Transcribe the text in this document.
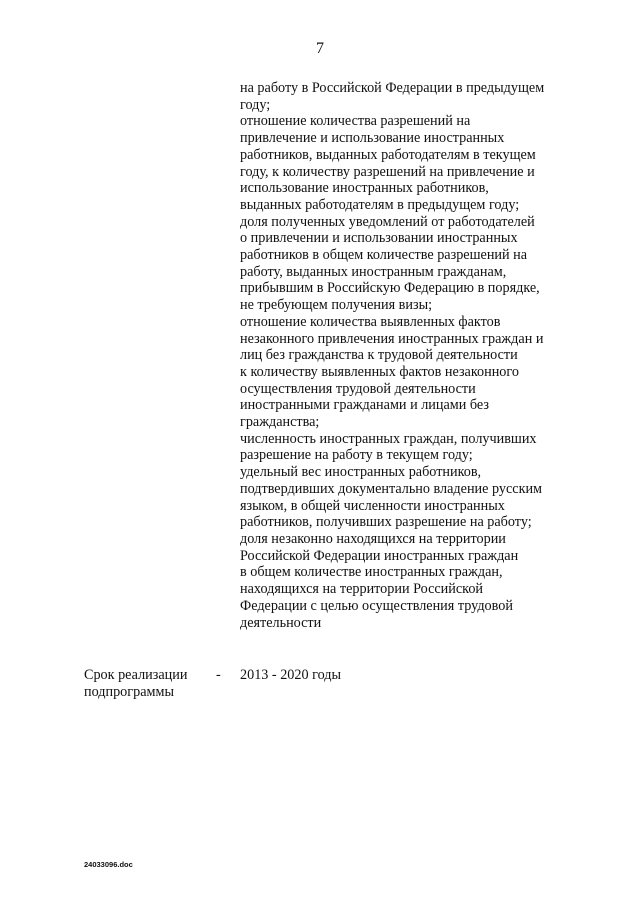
7
на работу в Российской Федерации в предыдущем
году;
отношение количества разрешений на
привлечение и использование иностранных
работников, выданных работодателям в текущем
году, к количеству разрешений на привлечение и
использование иностранных работников,
выданных работодателям в предыдущем году;
доля полученных уведомлений от работодателей
о привлечении и использовании иностранных
работников в общем количестве разрешений на
работу, выданных иностранным гражданам,
прибывшим в Российскую Федерацию в порядке,
не требующем получения визы;
отношение количества выявленных фактов
незаконного привлечения иностранных граждан и
лиц без гражданства к трудовой деятельности
к количеству выявленных фактов незаконного
осуществления трудовой деятельности
иностранными гражданами и лицами без
гражданства;
численность иностранных граждан, получивших
разрешение на работу в текущем году;
удельный вес иностранных работников,
подтвердивших документально владение русским
языком, в общей численности иностранных
работников, получивших разрешение на работу;
доля незаконно находящихся на территории
Российской Федерации иностранных граждан
в общем количестве иностранных граждан,
находящихся на территории Российской
Федерации с целью осуществления трудовой
деятельности
Срок реализации
подпрограммы
- 2013 - 2020 годы
24033096.doc
